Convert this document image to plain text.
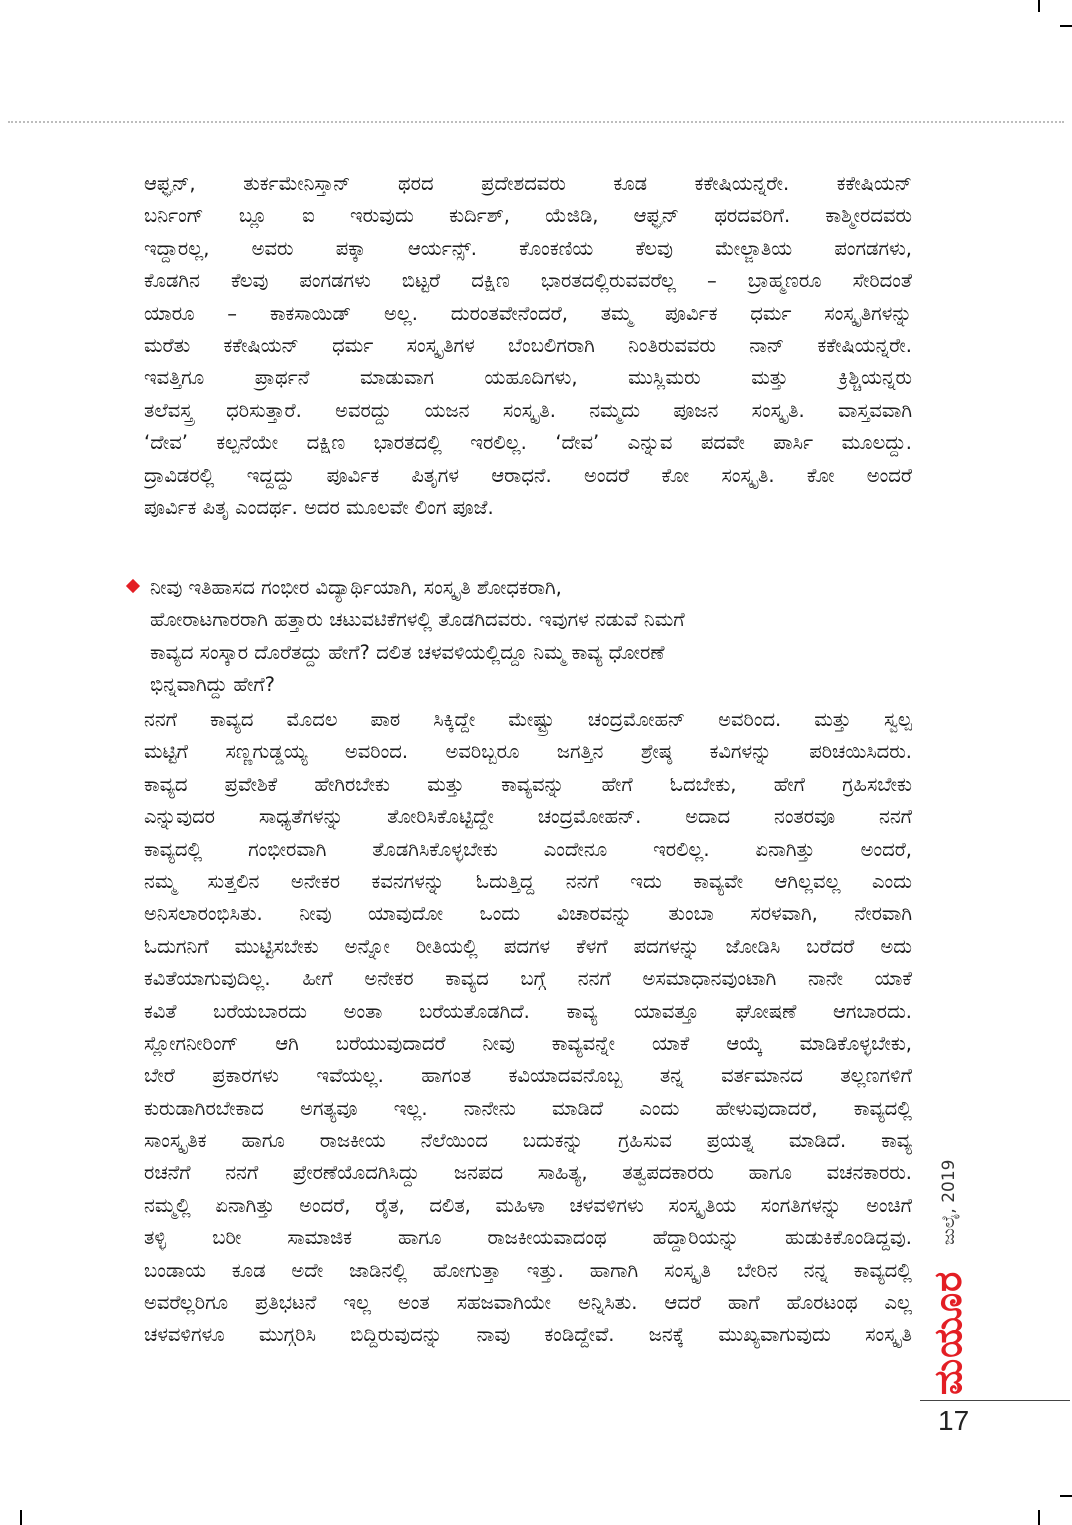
ಆಫ್ಘನ್, ತುರ್ಕಮೇನಿಸ್ತಾನ್ ಥರದ ಪ್ರದೇಶದವರು ಕೂಡ ಕಕೇಷಿಯನ್ನರೇ. ಕಕೇಷಿಯನ್
ಬರ್ನಿಂಗ್ ಬ್ಲೂ ಐ ಇರುವುದು ಕುರ್ದಿಶ್, ಯೆಜಿಡಿ, ಆಫ್ಘನ್ ಥರದವರಿಗೆ. ಕಾಶ್ಮೀರದವರು
ಇದ್ದಾರಲ್ಲ, ಅವರು ಪಕ್ಕಾ ಆರ್ಯನ್ಸ್. ಕೊಂಕಣಿಯ ಕೆಲವು ಮೇಲ್ಜಾತಿಯ ಪಂಗಡಗಳು,
ಕೊಡಗಿನ ಕೆಲವು ಪಂಗಡಗಳು ಬಿಟ್ಟರೆ ದಕ್ಷಿಣ ಭಾರತದಲ್ಲಿರುವವರೆಲ್ಲ – ಬ್ರಾಹ್ಮಣರೂ ಸೇರಿದಂತೆ
ಯಾರೂ – ಕಾಕಸಾಯಿಡ್ ಅಲ್ಲ. ದುರಂತವೇನೆಂದರೆ, ತಮ್ಮ ಪೂರ್ವಿಕ ಧರ್ಮ ಸಂಸ್ಕೃತಿಗಳನ್ನು
ಮರೆತು ಕಕೇಷಿಯನ್ ಧರ್ಮ ಸಂಸ್ಕೃತಿಗಳ ಬೆಂಬಲಿಗರಾಗಿ ನಿಂತಿರುವವರು ನಾನ್ ಕಕೇಷಿಯನ್ನರೇ.
ಇವತ್ತಿಗೂ ಪ್ರಾರ್ಥನೆ ಮಾಡುವಾಗ ಯಹೂದಿಗಳು, ಮುಸ್ಲಿಮರು ಮತ್ತು ಕ್ರಿಶ್ಚಿಯನ್ನರು
ತಲೆವಸ್ತ್ರ ಧರಿಸುತ್ತಾರೆ. ಅವರದ್ದು ಯಜನ ಸಂಸ್ಕೃತಿ. ನಮ್ಮದು ಪೂಜನ ಸಂಸ್ಕೃತಿ. ವಾಸ್ತವವಾಗಿ
‘ದೇವ’ ಕಲ್ಪನೆಯೇ ದಕ್ಷಿಣ ಭಾರತದಲ್ಲಿ ಇರಲಿಲ್ಲ. ‘ದೇವ’ ಎನ್ನುವ ಪದವೇ ಪಾರ್ಸಿ ಮೂಲದ್ದು.
ದ್ರಾವಿಡರಲ್ಲಿ ಇದ್ದದ್ದು ಪೂರ್ವಿಕ ಪಿತೃಗಳ ಆರಾಧನೆ. ಅಂದರೆ ಕೋ ಸಂಸ್ಕೃತಿ. ಕೋ ಅಂದರೆ
ಪೂರ್ವಿಕ ಪಿತೃ ಎಂದರ್ಥ. ಅದರ ಮೂಲವೇ ಲಿಂಗ ಪೂಜೆ.
ನೀವು ಇತಿಹಾಸದ ಗಂಭೀರ ವಿದ್ಯಾರ್ಥಿಯಾಗಿ, ಸಂಸ್ಕೃತಿ ಶೋಧಕರಾಗಿ,
ಹೋರಾಟಗಾರರಾಗಿ ಹತ್ತಾರು ಚಟುವಟಿಕೆಗಳಲ್ಲಿ ತೊಡಗಿದವರು. ಇವುಗಳ ನಡುವೆ ನಿಮಗೆ
ಕಾವ್ಯದ ಸಂಸ್ಕಾರ ದೊರೆತದ್ದು ಹೇಗೆ? ದಲಿತ ಚಳವಳಿಯಲ್ಲಿದ್ದೂ ನಿಮ್ಮ ಕಾವ್ಯ ಧೋರಣೆ
ಭಿನ್ನವಾಗಿದ್ದು ಹೇಗೆ?
ನನಗೆ ಕಾವ್ಯದ ಮೊದಲ ಪಾಠ ಸಿಕ್ಕಿದ್ದೇ ಮೇಷ್ಟ್ರು ಚಂದ್ರಮೋಹನ್ ಅವರಿಂದ. ಮತ್ತು ಸ್ವಲ್ಪ
ಮಟ್ಟಿಗೆ ಸಣ್ಣಗುಡ್ಡಯ್ಯ ಅವರಿಂದ. ಅವರಿಬ್ಬರೂ ಜಗತ್ತಿನ ಶ್ರೇಷ್ಠ ಕವಿಗಳನ್ನು ಪರಿಚಯಿಸಿದರು.
ಕಾವ್ಯದ ಪ್ರವೇಶಿಕೆ ಹೇಗಿರಬೇಕು ಮತ್ತು ಕಾವ್ಯವನ್ನು ಹೇಗೆ ಓದಬೇಕು, ಹೇಗೆ ಗ್ರಹಿಸಬೇಕು
ಎನ್ನುವುದರ ಸಾಧ್ಯತೆಗಳನ್ನು ತೋರಿಸಿಕೊಟ್ಟಿದ್ದೇ ಚಂದ್ರಮೋಹನ್. ಅದಾದ ನಂತರವೂ ನನಗೆ
ಕಾವ್ಯದಲ್ಲಿ ಗಂಭೀರವಾಗಿ ತೊಡಗಿಸಿಕೊಳ್ಳಬೇಕು ಎಂದೇನೂ ಇರಲಿಲ್ಲ. ಏನಾಗಿತ್ತು ಅಂದರೆ,
ನಮ್ಮ ಸುತ್ತಲಿನ ಅನೇಕರ ಕವನಗಳನ್ನು ಓದುತ್ತಿದ್ದ ನನಗೆ ಇದು ಕಾವ್ಯವೇ ಆಗಿಲ್ಲವಲ್ಲ ಎಂದು
ಅನಿಸಲಾರಂಭಿಸಿತು. ನೀವು ಯಾವುದೋ ಒಂದು ವಿಚಾರವನ್ನು ತುಂಬಾ ಸರಳವಾಗಿ, ನೇರವಾಗಿ
ಓದುಗನಿಗೆ ಮುಟ್ಟಿಸಬೇಕು ಅನ್ನೋ ರೀತಿಯಲ್ಲಿ ಪದಗಳ ಕೆಳಗೆ ಪದಗಳನ್ನು ಜೋಡಿಸಿ ಬರೆದರೆ ಅದು
ಕವಿತೆಯಾಗುವುದಿಲ್ಲ. ಹೀಗೆ ಅನೇಕರ ಕಾವ್ಯದ ಬಗ್ಗೆ ನನಗೆ ಅಸಮಾಧಾನವುಂಟಾಗಿ ನಾನೇ ಯಾಕೆ
ಕವಿತೆ ಬರೆಯಬಾರದು ಅಂತಾ ಬರೆಯತೊಡಗಿದೆ. ಕಾವ್ಯ ಯಾವತ್ತೂ ಘೋಷಣೆ ಆಗಬಾರದು.
ಸ್ಲೋಗನೀರಿಂಗ್ ಆಗಿ ಬರೆಯುವುದಾದರೆ ನೀವು ಕಾವ್ಯವನ್ನೇ ಯಾಕೆ ಆಯ್ಕೆ ಮಾಡಿಕೊಳ್ಳಬೇಕು,
ಬೇರೆ ಪ್ರಕಾರಗಳು ಇವೆಯಲ್ಲ. ಹಾಗಂತ ಕವಿಯಾದವನೊಬ್ಬ ತನ್ನ ವರ್ತಮಾನದ ತಲ್ಲಣಗಳಿಗೆ
ಕುರುಡಾಗಿರಬೇಕಾದ ಅಗತ್ಯವೂ ಇಲ್ಲ. ನಾನೇನು ಮಾಡಿದೆ ಎಂದು ಹೇಳುವುದಾದರೆ, ಕಾವ್ಯದಲ್ಲಿ
ಸಾಂಸ್ಕೃತಿಕ ಹಾಗೂ ರಾಜಕೀಯ ನೆಲೆಯಿಂದ ಬದುಕನ್ನು ಗ್ರಹಿಸುವ ಪ್ರಯತ್ನ ಮಾಡಿದೆ. ಕಾವ್ಯ
ರಚನೆಗೆ ನನಗೆ ಪ್ರೇರಣೆಯೊದಗಿಸಿದ್ದು ಜನಪದ ಸಾಹಿತ್ಯ, ತತ್ವಪದಕಾರರು ಹಾಗೂ ವಚನಕಾರರು.
ನಮ್ಮಲ್ಲಿ ಏನಾಗಿತ್ತು ಅಂದರೆ, ರೈತ, ದಲಿತ, ಮಹಿಳಾ ಚಳವಳಿಗಳು ಸಂಸ್ಕೃತಿಯ ಸಂಗತಿಗಳನ್ನು ಅಂಚಿಗೆ
ತಳ್ಳಿ ಬರೀ ಸಾಮಾಜಿಕ ಹಾಗೂ ರಾಜಕೀಯವಾದಂಥ ಹೆದ್ದಾರಿಯನ್ನು ಹುಡುಕಿಕೊಂಡಿದ್ದವು.
ಬಂಡಾಯ ಕೂಡ ಅದೇ ಜಾಡಿನಲ್ಲಿ ಹೋಗುತ್ತಾ ಇತ್ತು. ಹಾಗಾಗಿ ಸಂಸ್ಕೃತಿ ಬೇರಿನ ನನ್ನ ಕಾವ್ಯದಲ್ಲಿ
ಅವರೆಲ್ಲರಿಗೂ ಪ್ರತಿಭಟನೆ ಇಲ್ಲ ಅಂತ ಸಹಜವಾಗಿಯೇ ಅನ್ನಿಸಿತು. ಆದರೆ ಹಾಗೆ ಹೊರಟಂಥ ಎಲ್ಲ
ಚಳವಳಿಗಳೂ ಮುಗ್ಗರಿಸಿ ಬಿದ್ದಿರುವುದನ್ನು ನಾವು ಕಂಡಿದ್ದೇವೆ. ಜನಕ್ಕೆ ಮುಖ್ಯವಾಗುವುದು ಸಂಸ್ಕೃತಿ
ಜುಲೈ, 2019
ಮಯೂರ
17
